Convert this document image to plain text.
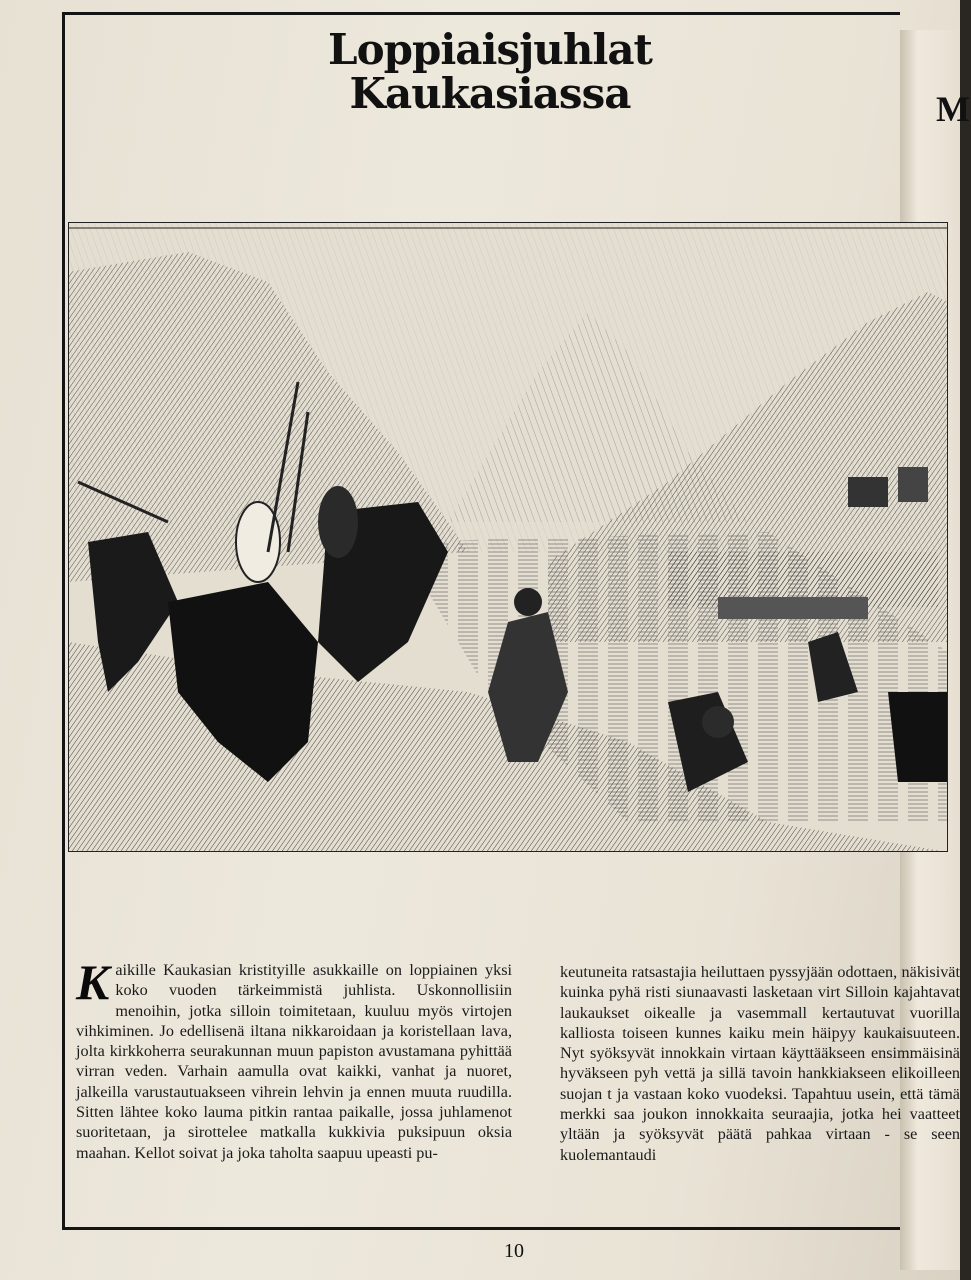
M
Loppiaisjuhlat
Kaukasiassa
K aikille Kaukasian kristityille asukkaille on loppiainen yksi koko vuoden tärkeimmistä juhlista. Uskonnollisiin menoihin, jotka silloin toimitetaan, kuuluu myös virtojen vihkiminen. Jo edellisenä iltana nikkaroidaan ja koristellaan lava, jolta kirkkoherra seurakunnan muun papiston avustamana pyhittää virran veden. Varhain aamulla ovat kaikki, vanhat ja nuoret, jalkeilla varustautuakseen vihrein lehvin ja ennen muuta ruudilla. Sitten lähtee koko lauma pitkin rantaa paikalle, jossa juhlamenot suoritetaan, ja sirottelee matkalla kukkivia puksipuun oksia maahan. Kellot soivat ja joka taholta saapuu upeasti pu-
keutuneita ratsastajia heiluttaen pyssyjään odottaen, näkisivät kuinka pyhä risti siunaavasti lasketaan virt Silloin kajahtavat laukaukset oikealle ja vasemmall kertautuvat vuorilla kalliosta toiseen kunnes kaiku mein häipyy kaukaisuuteen. Nyt syöksyvät innokkain virtaan käyttääkseen ensimmäisinä hyväkseen pyh vettä ja sillä tavoin hankkiakseen elikoilleen suojan t ja vastaan koko vuodeksi. Tapahtuu usein, että tämä merkki saa joukon innokkaita seuraajia, jotka hei vaatteet yltään ja syöksyvät päätä pahkaa virtaan - se seen kuolemantaudi
10
